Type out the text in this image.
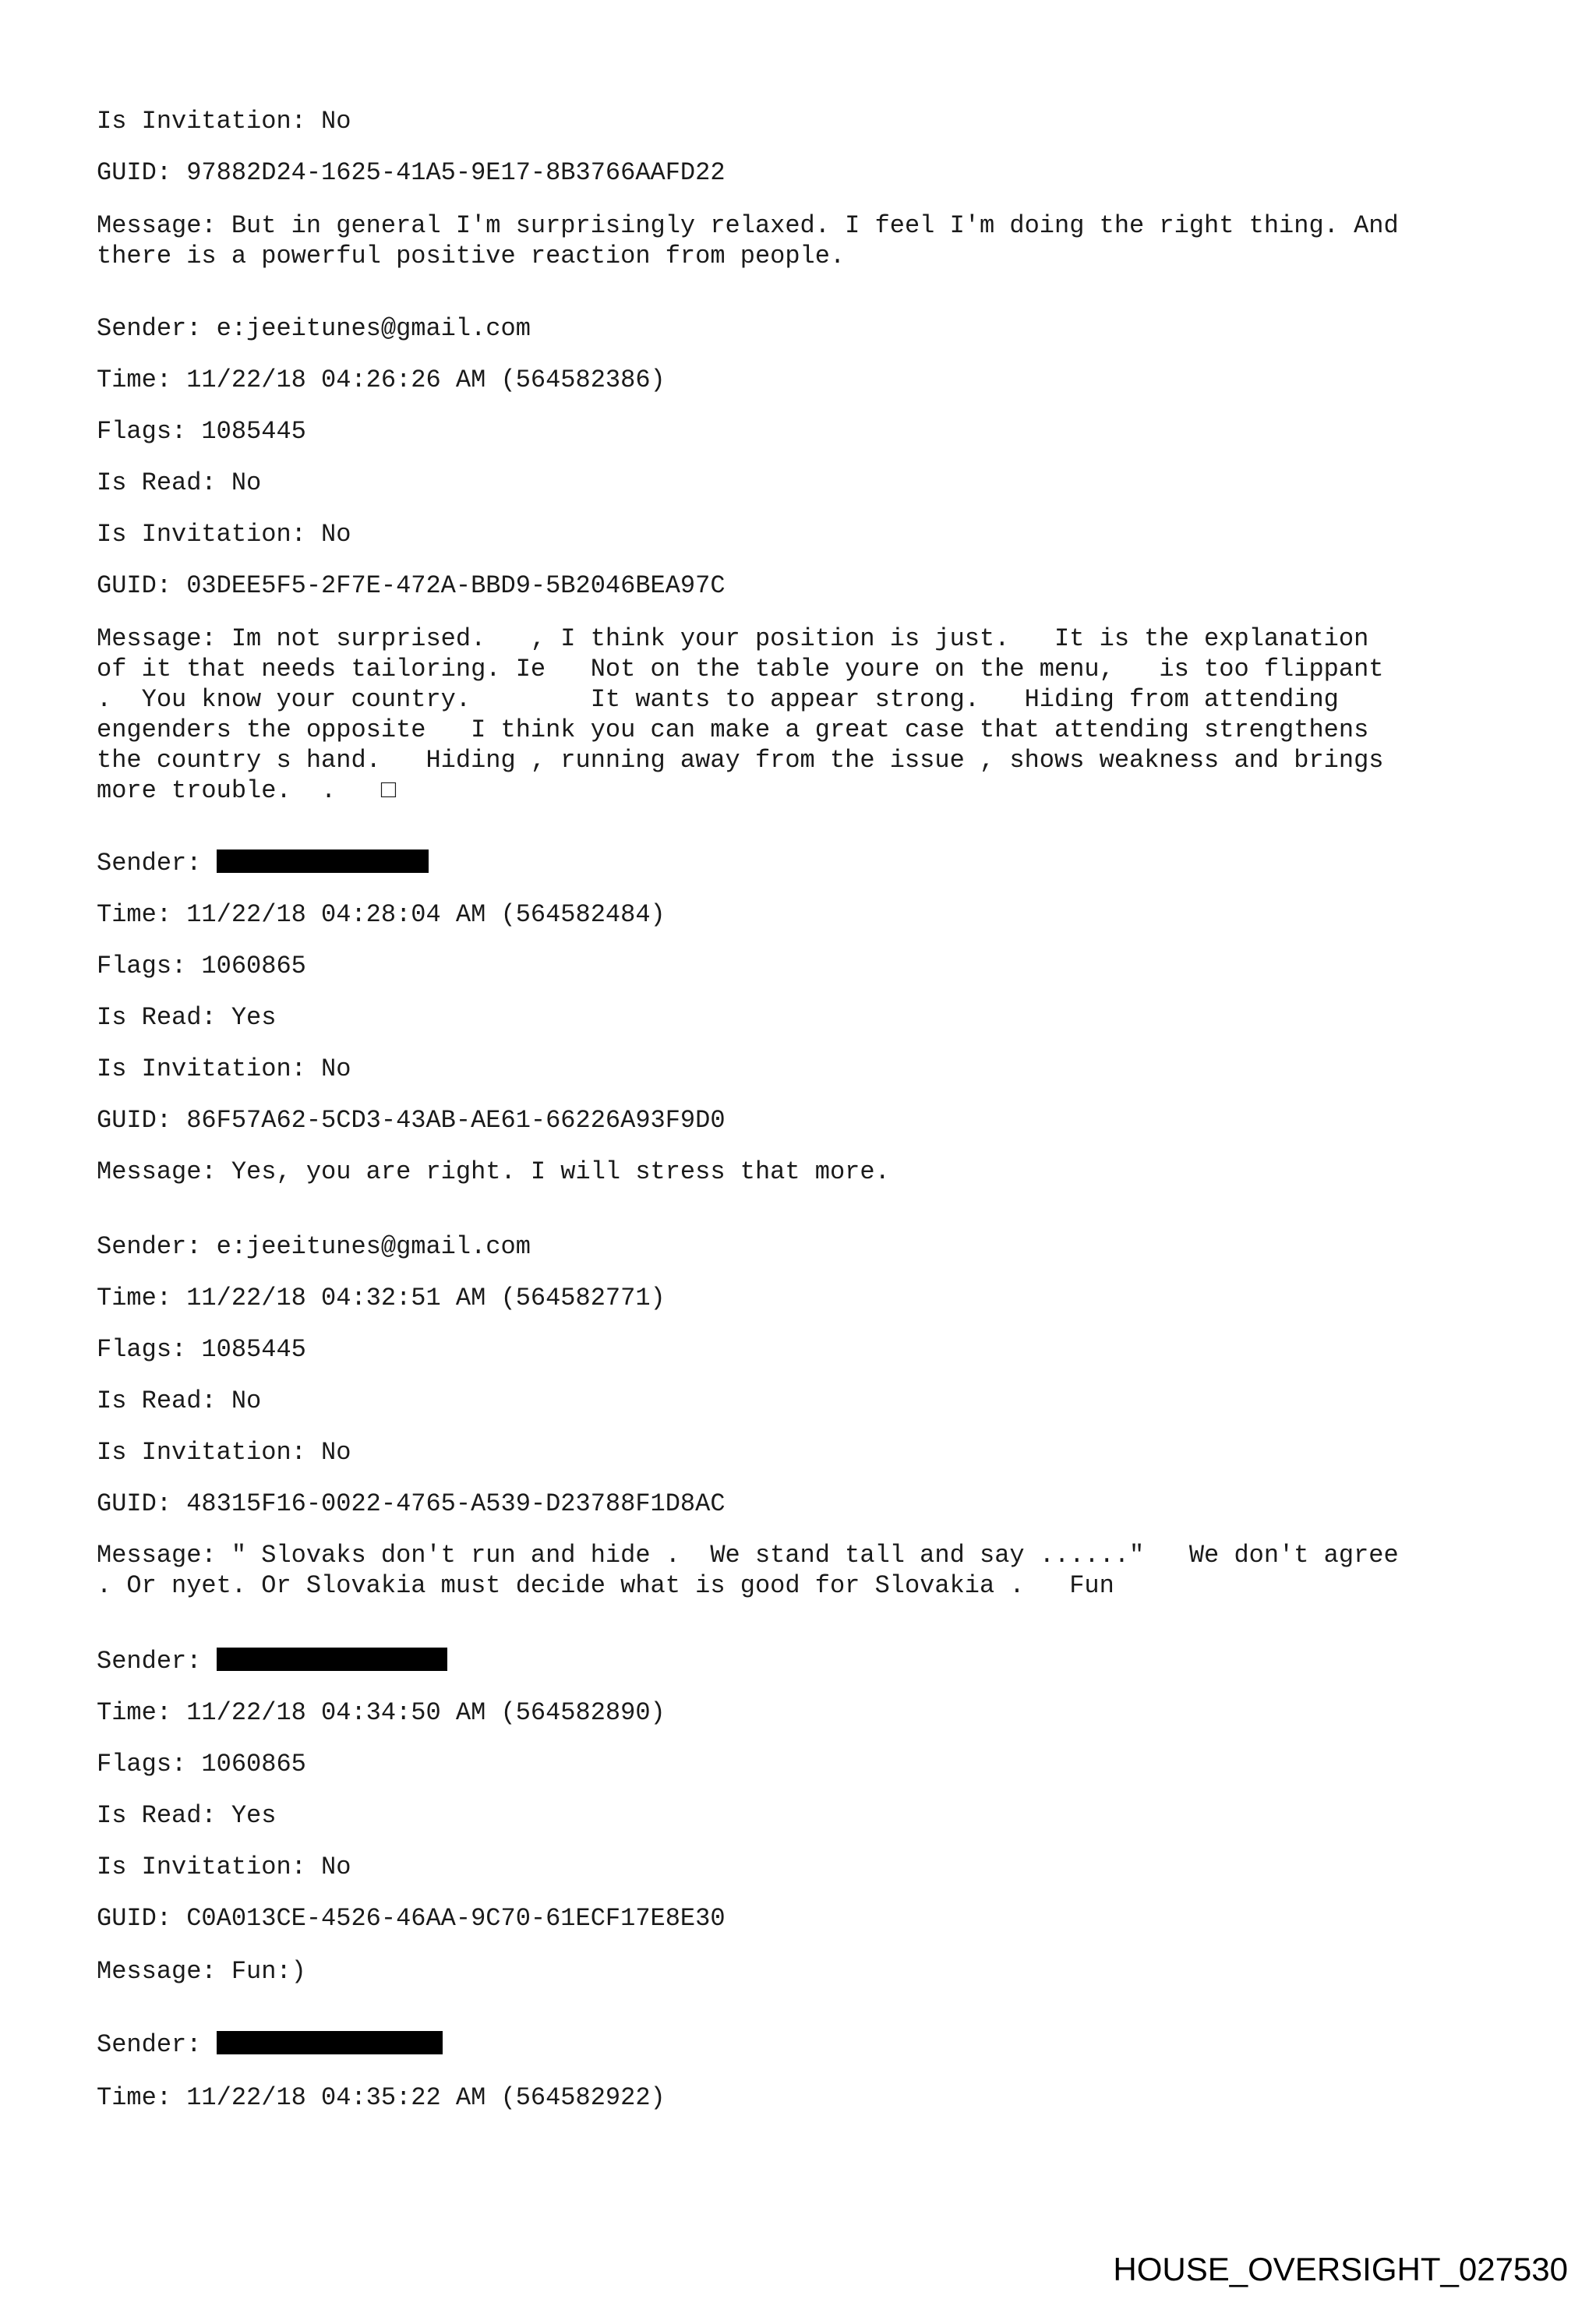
Is Invitation: No

GUID: 97882D24-1625-41A5-9E17-8B3766AAFD22

Message: But in general I'm surprisingly relaxed. I feel I'm doing the right thing. And
there is a powerful positive reaction from people.

Sender: e:jeeitunes@gmail.com

Time: 11/22/18 04:26:26 AM (564582386)

Flags: 1085445

Is Read: No

Is Invitation: No

GUID: 03DEE5F5-2F7E-472A-BBD9-5B2046BEA97C

Message: Im not surprised.   , I think your position is just.   It is the explanation
of it that needs tailoring. Ie   Not on the table youre on the menu,   is too flippant
.  You know your country.        It wants to appear strong.   Hiding from attending
engenders the opposite   I think you can make a great case that attending strengthens
the country s hand.   Hiding , running away from the issue , shows weakness and brings
more trouble.  .   □

Sender:

Time: 11/22/18 04:28:04 AM (564582484)

Flags: 1060865

Is Read: Yes

Is Invitation: No

GUID: 86F57A62-5CD3-43AB-AE61-66226A93F9D0

Message: Yes, you are right. I will stress that more.

Sender: e:jeeitunes@gmail.com

Time: 11/22/18 04:32:51 AM (564582771)

Flags: 1085445

Is Read: No

Is Invitation: No

GUID: 48315F16-0022-4765-A539-D23788F1D8AC

Message: " Slovaks don't run and hide .  We stand tall and say ......"   We don't agree
. Or nyet. Or Slovakia must decide what is good for Slovakia .   Fun

Sender:

Time: 11/22/18 04:34:50 AM (564582890)

Flags: 1060865

Is Read: Yes

Is Invitation: No

GUID: C0A013CE-4526-46AA-9C70-61ECF17E8E30

Message: Fun:)

Sender:

Time: 11/22/18 04:35:22 AM (564582922)

HOUSE_OVERSIGHT_027530
